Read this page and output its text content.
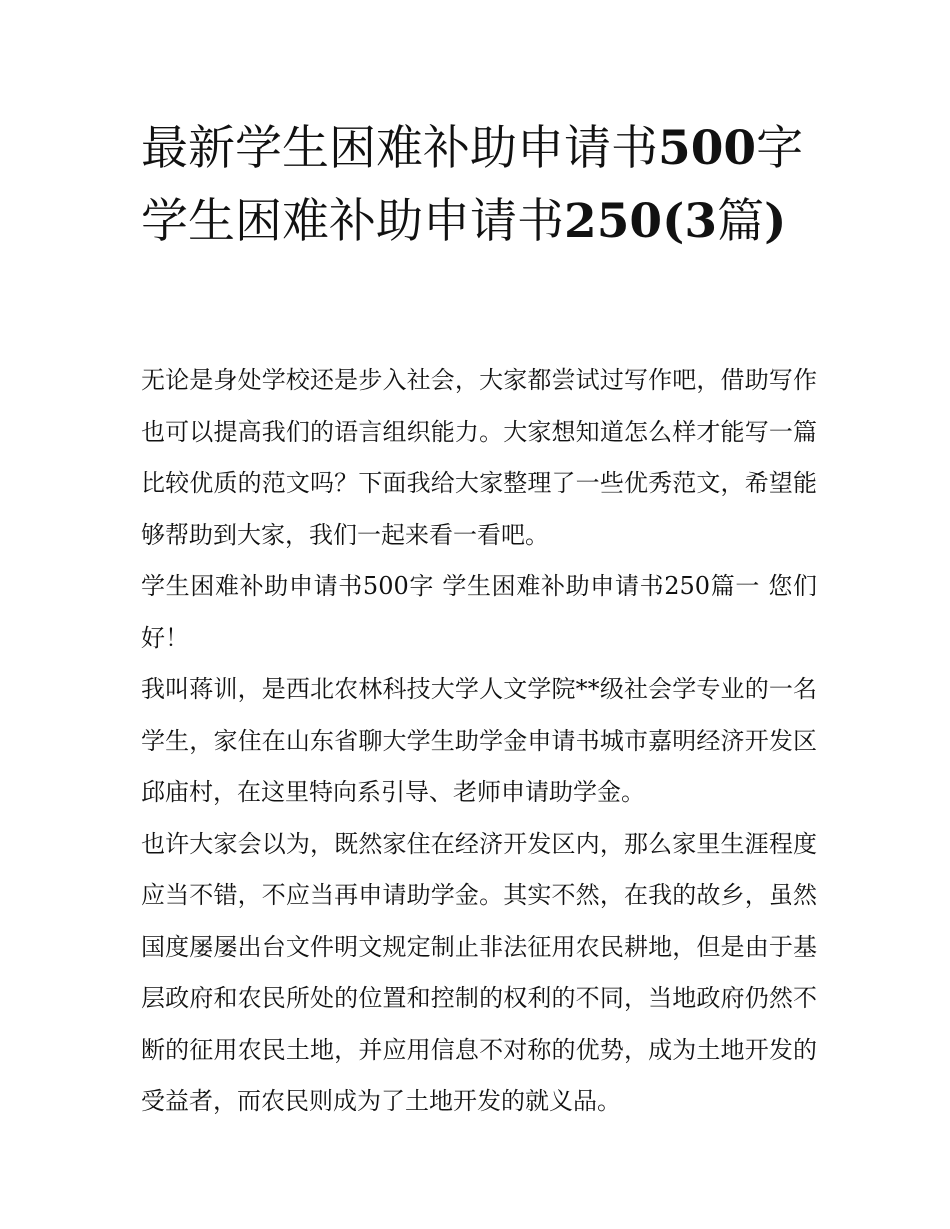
最新学生困难补助申请书500字 学生困难补助申请书250(3篇)

无论是身处学校还是步入社会，大家都尝试过写作吧，借助写作也可以提高我们的语言组织能力。大家想知道怎么样才能写一篇比较优质的范文吗？下面我给大家整理了一些优秀范文，希望能够帮助到大家，我们一起来看一看吧。

学生困难补助申请书500字 学生困难补助申请书250篇一 您们好！

我叫蒋训，是西北农林科技大学人文学院**级社会学专业的一名学生，家住在山东省聊大学生助学金申请书城市嘉明经济开发区邱庙村，在这里特向系引导、老师申请助学金。

也许大家会以为，既然家住在经济开发区内，那么家里生涯程度应当不错，不应当再申请助学金。其实不然，在我的故乡，虽然国度屡屡出台文件明文规定制止非法征用农民耕地，但是由于基层政府和农民所处的位置和控制的权利的不同，当地政府仍然不断的征用农民土地，并应用信息不对称的优势，成为土地开发的受益者，而农民则成为了土地开发的就义品。
